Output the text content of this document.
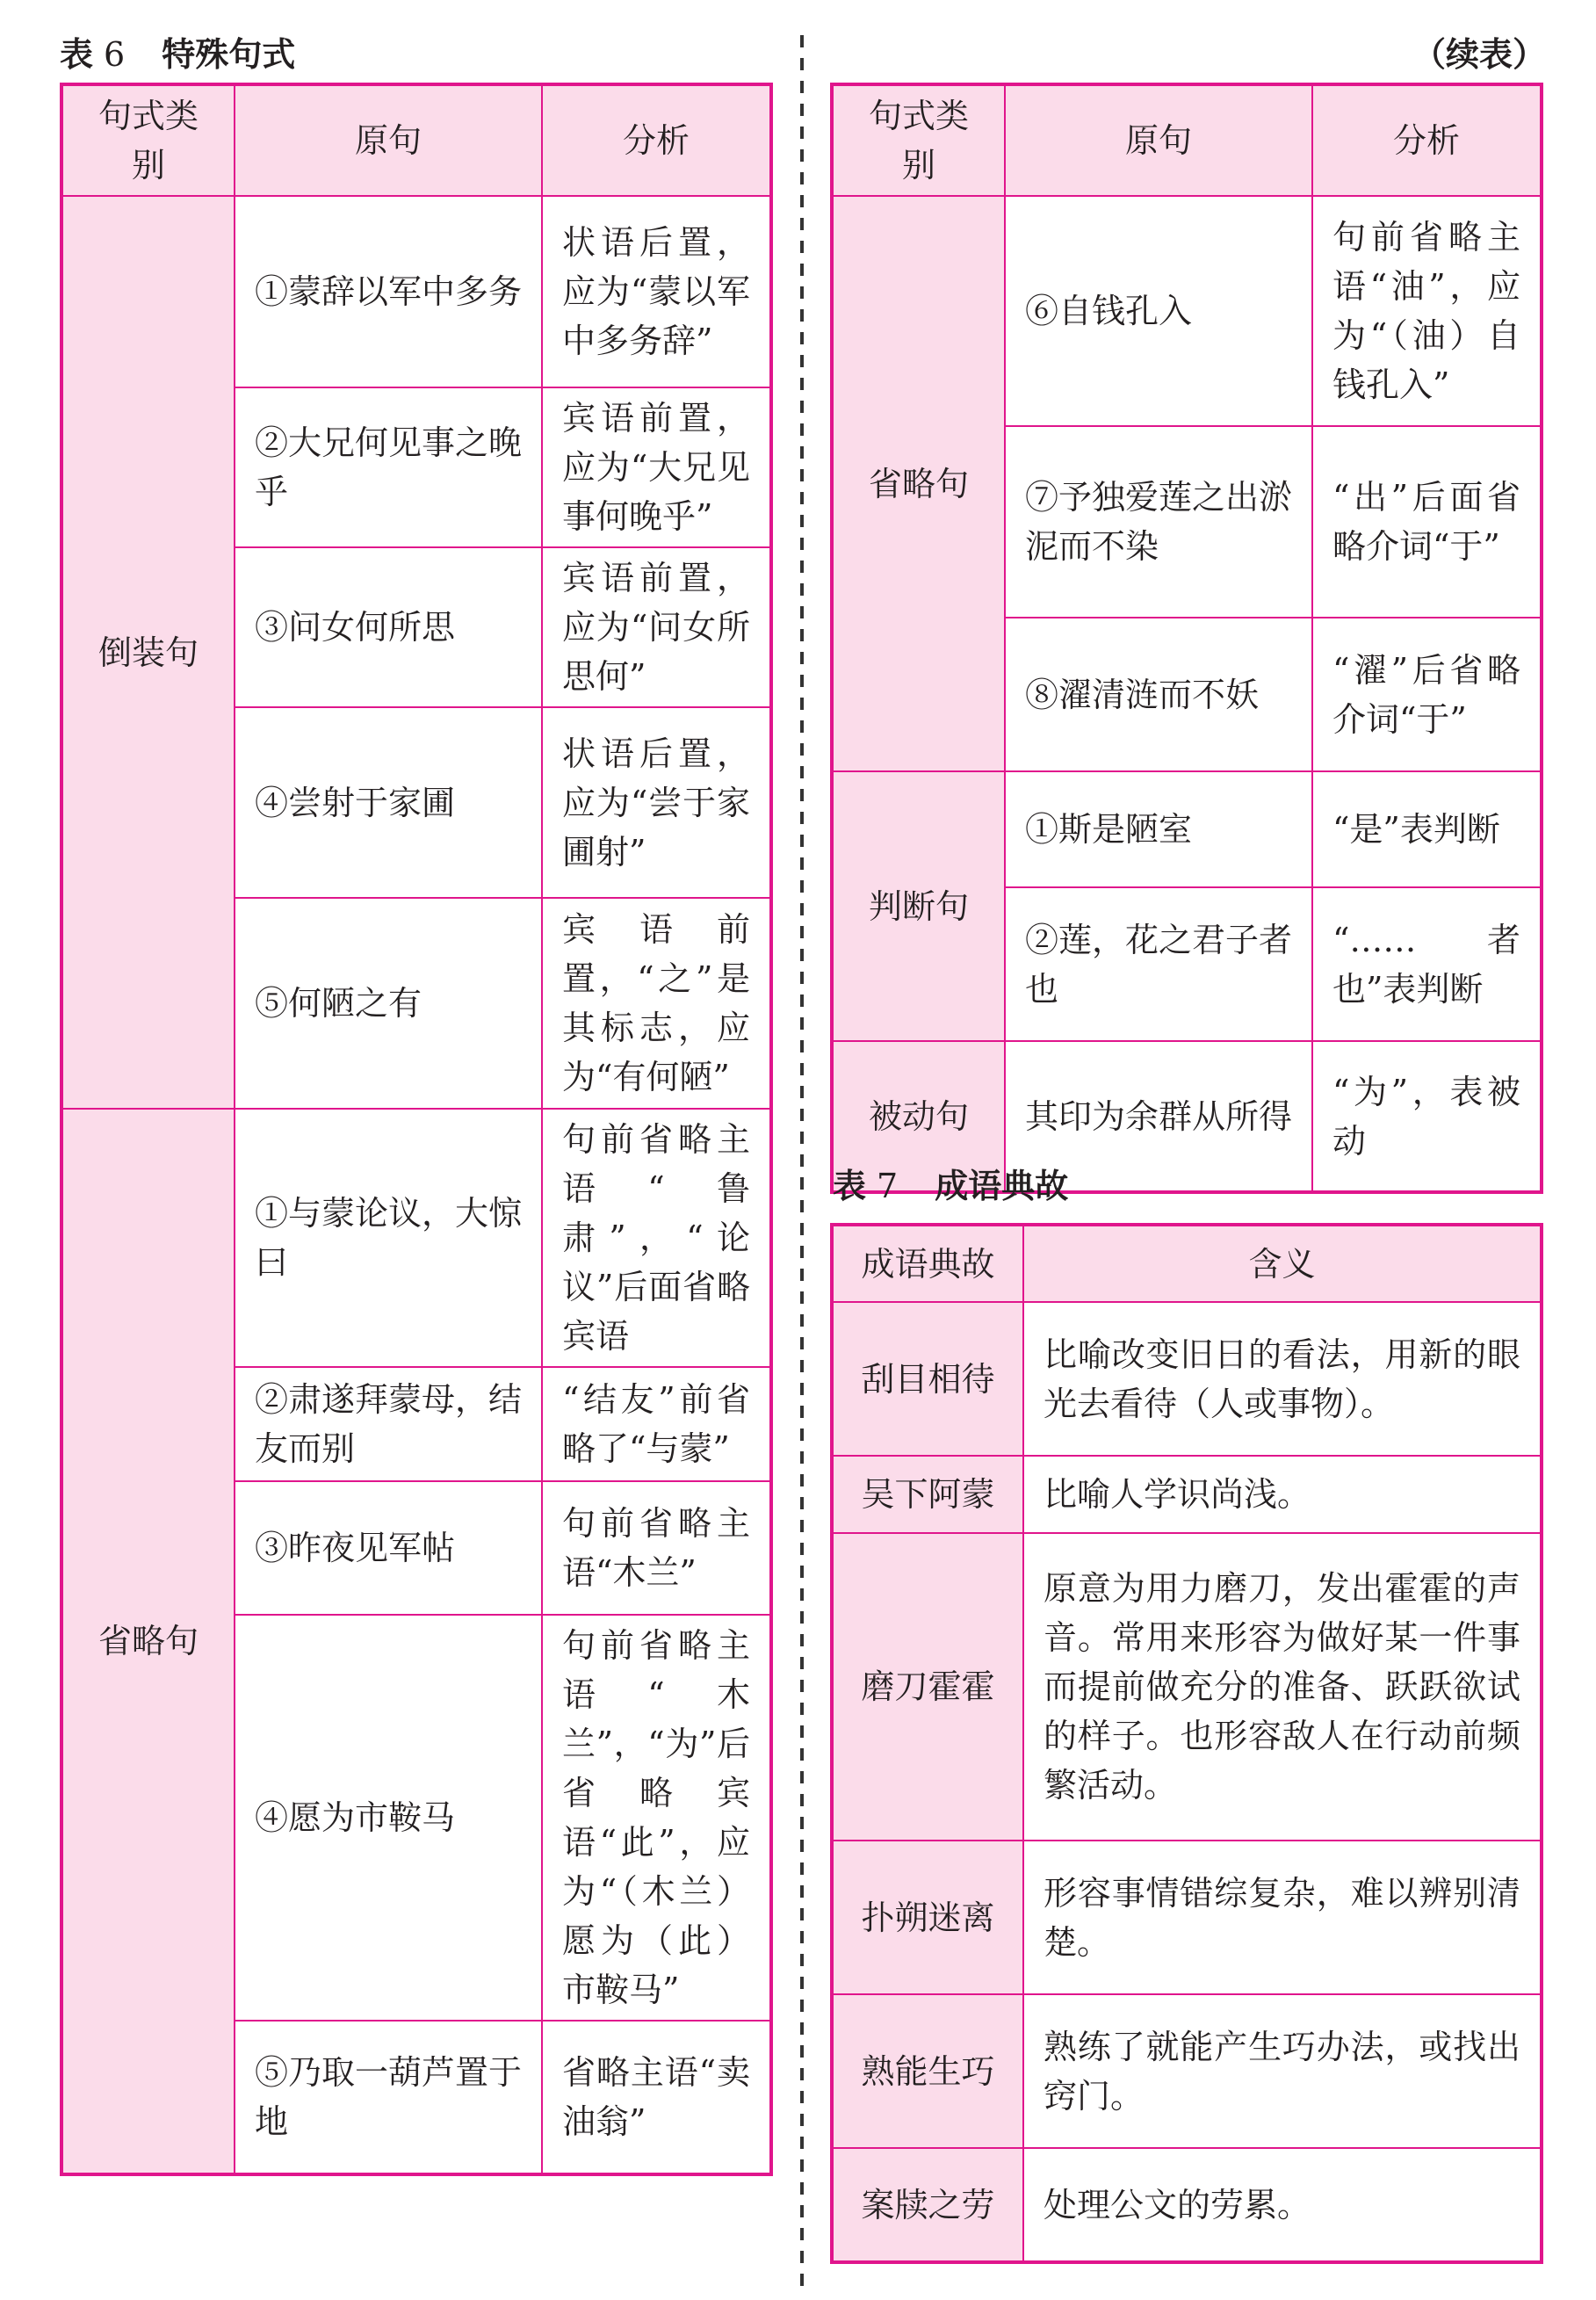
表 6 特殊句式	（续表）
句式类别	原句	分析
倒装句	①蒙辞以军中多务	状语后置，应为“蒙以军中多务辞”
	②大兄何见事之晚乎	宾语前置，应为“大兄见事何晚乎”
	③问女何所思	宾语前置，应为“问女所思何”
	④尝射于家圃	状语后置，应为“尝于家圃射”
	⑤何陋之有	宾语前置，“之”是其标志，应为“有何陋”
省略句	①与蒙论议，大惊曰	句前省略主语“鲁肃”，“论议”后面省略宾语
	②肃遂拜蒙母，结友而别	“结友”前省略了“与蒙”
	③昨夜见军帖	句前省略主语“木兰”
	④愿为市鞍马	句前省略主语“木兰”，“为”后省略宾语“此”，应为“（木兰）愿为（此）市鞍马”
	⑤乃取一葫芦置于地	省略主语“卖油翁”
句式类别	原句	分析
省略句	⑥自钱孔入	句前省略主语“油”，应为“（油）自钱孔入”
	⑦予独爱莲之出淤泥而不染	“出”后面省略介词“于”
	⑧濯清涟而不妖	“濯”后省略介词“于”
判断句	①斯是陋室	“是”表判断
	②莲，花之君子者也	“……者也”表判断
被动句	其印为余群从所得	“为”，表被动
表 7 成语典故
成语典故	含义
刮目相待	比喻改变旧日的看法，用新的眼光去看待（人或事物）。
吴下阿蒙	比喻人学识尚浅。
磨刀霍霍	原意为用力磨刀，发出霍霍的声音。常用来形容为做好某一件事而提前做充分的准备、跃跃欲试的样子。也形容敌人在行动前频繁活动。
扑朔迷离	形容事情错综复杂，难以辨别清楚。
熟能生巧	熟练了就能产生巧办法，或找出窍门。
案牍之劳	处理公文的劳累。
